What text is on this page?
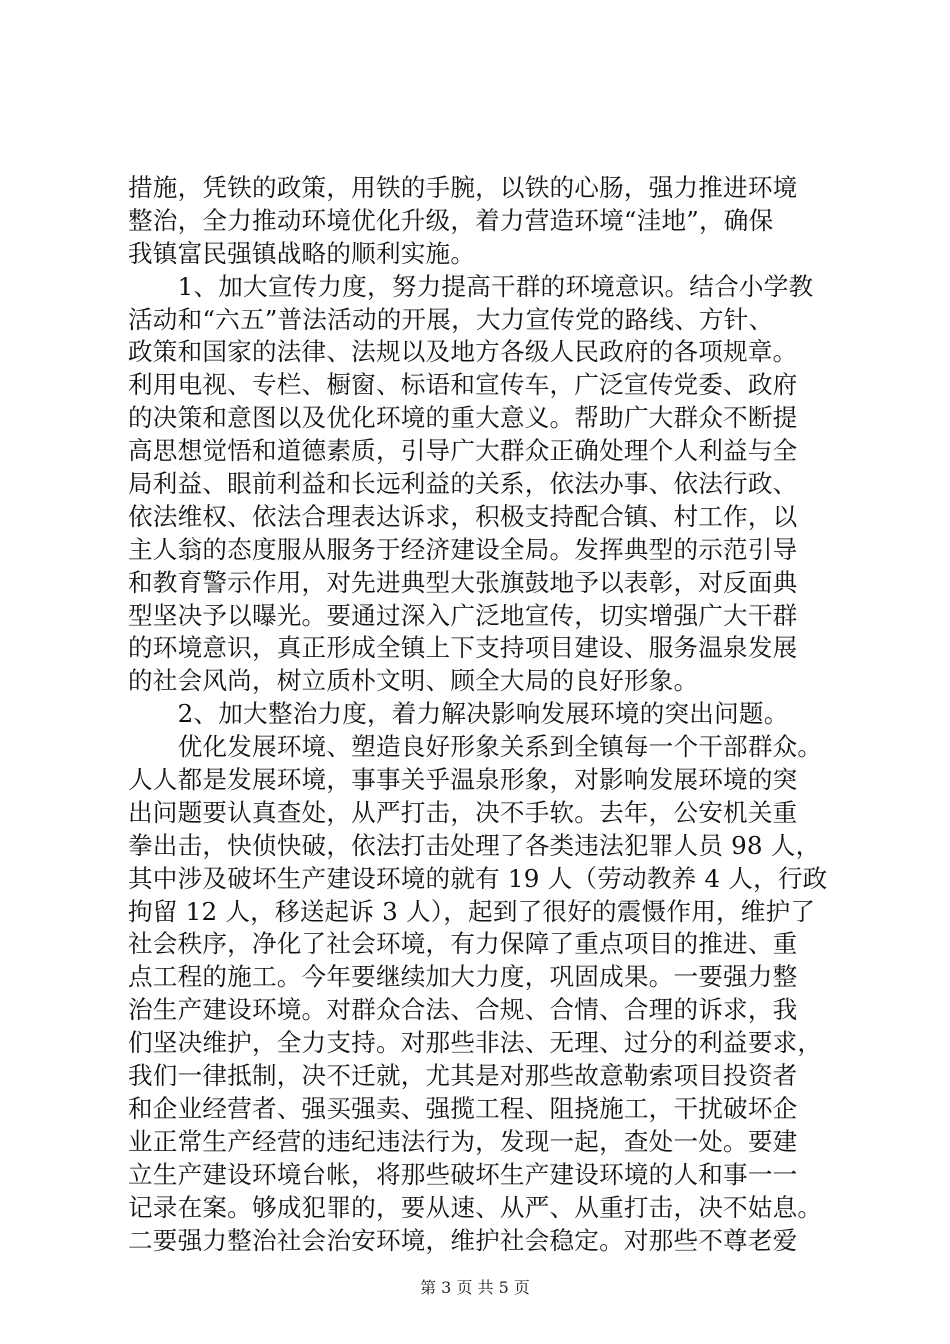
措施，凭铁的政策，用铁的手腕，以铁的心肠，强力推进环境
整治，全力推动环境优化升级，着力营造环境“洼地”，确保
我镇富民强镇战略的顺利实施。
　　1、加大宣传力度，努力提高干群的环境意识。结合小学教
活动和“六五”普法活动的开展，大力宣传党的路线、方针、
政策和国家的法律、法规以及地方各级人民政府的各项规章。
利用电视、专栏、橱窗、标语和宣传车，广泛宣传党委、政府
的决策和意图以及优化环境的重大意义。帮助广大群众不断提
高思想觉悟和道德素质，引导广大群众正确处理个人利益与全
局利益、眼前利益和长远利益的关系，依法办事、依法行政、
依法维权、依法合理表达诉求，积极支持配合镇、村工作，以
主人翁的态度服从服务于经济建设全局。发挥典型的示范引导
和教育警示作用，对先进典型大张旗鼓地予以表彰，对反面典
型坚决予以曝光。要通过深入广泛地宣传，切实增强广大干群
的环境意识，真正形成全镇上下支持项目建设、服务温泉发展
的社会风尚，树立质朴文明、顾全大局的良好形象。
　　2、加大整治力度，着力解决影响发展环境的突出问题。
　　优化发展环境、塑造良好形象关系到全镇每一个干部群众。
人人都是发展环境，事事关乎温泉形象，对影响发展环境的突
出问题要认真查处，从严打击，决不手软。去年，公安机关重
拳出击，快侦快破，依法打击处理了各类违法犯罪人员 98 人，
其中涉及破坏生产建设环境的就有 19 人（劳动教养 4 人，行政
拘留 12 人，移送起诉 3 人），起到了很好的震慑作用，维护了
社会秩序，净化了社会环境，有力保障了重点项目的推进、重
点工程的施工。今年要继续加大力度，巩固成果。一要强力整
治生产建设环境。对群众合法、合规、合情、合理的诉求，我
们坚决维护，全力支持。对那些非法、无理、过分的利益要求，
我们一律抵制，决不迁就，尤其是对那些故意勒索项目投资者
和企业经营者、强买强卖、强揽工程、阻挠施工，干扰破坏企
业正常生产经营的违纪违法行为，发现一起，查处一处。要建
立生产建设环境台帐，将那些破坏生产建设环境的人和事一一
记录在案。够成犯罪的，要从速、从严、从重打击，决不姑息。
二要强力整治社会治安环境，维护社会稳定。对那些不尊老爱
第 3 页 共 5 页
